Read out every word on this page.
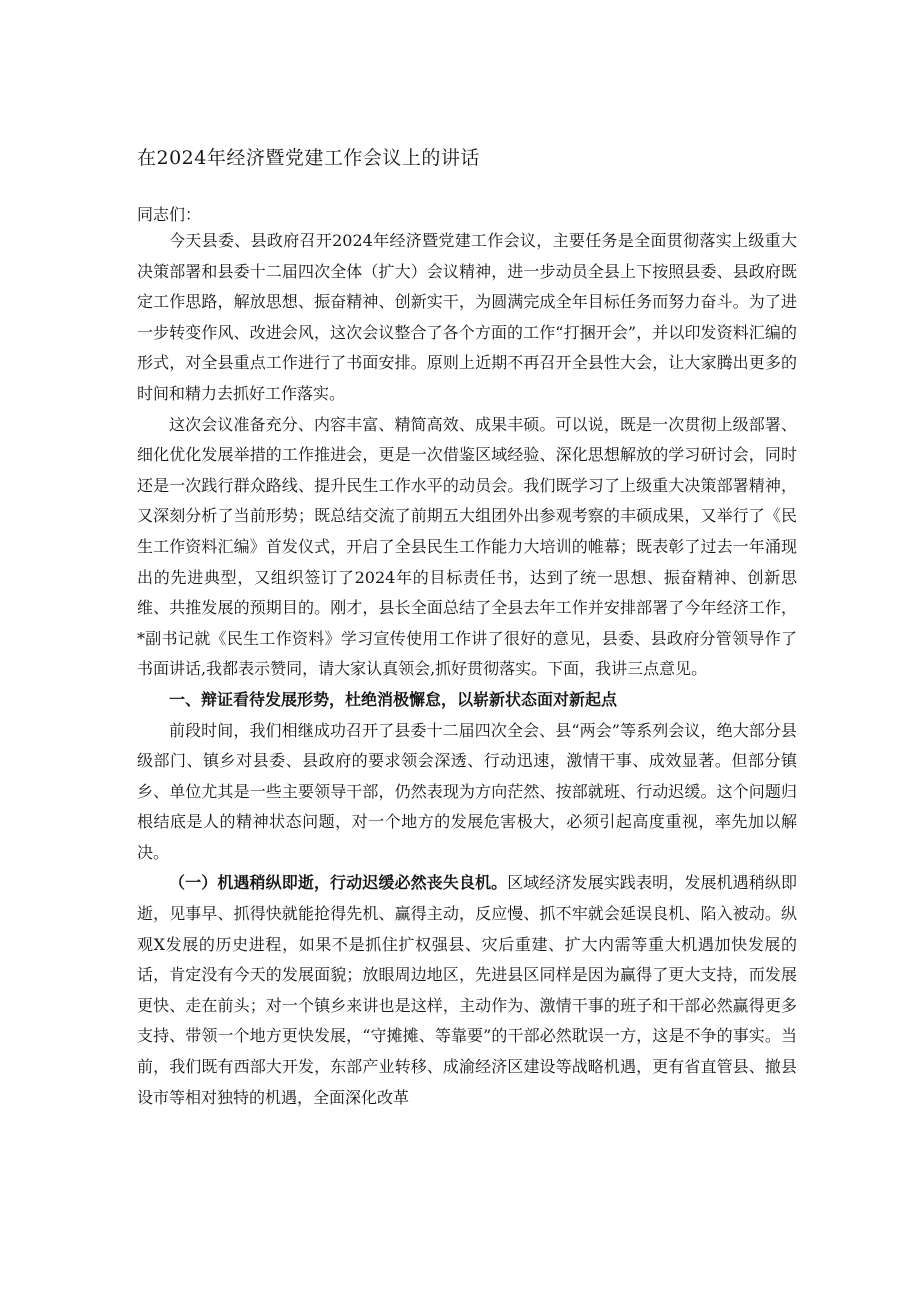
在2024年经济暨党建工作会议上的讲话
同志们：

今天县委、县政府召开2024年经济暨党建工作会议，主要任务是全面贯彻落实上级重大决策部署和县委十二届四次全体（扩大）会议精神，进一步动员全县上下按照县委、县政府既定工作思路，解放思想、振奋精神、创新实干，为圆满完成全年目标任务而努力奋斗。为了进一步转变作风、改进会风，这次会议整合了各个方面的工作“打捆开会”，并以印发资料汇编的形式，对全县重点工作进行了书面安排。原则上近期不再召开全县性大会，让大家腾出更多的时间和精力去抓好工作落实。

这次会议准备充分、内容丰富、精简高效、成果丰硕。可以说，既是一次贯彻上级部署、细化优化发展举措的工作推进会，更是一次借鉴区域经验、深化思想解放的学习研讨会，同时还是一次践行群众路线、提升民生工作水平的动员会。我们既学习了上级重大决策部署精神，又深刻分析了当前形势；既总结交流了前期五大组团外出参观考察的丰硕成果，又举行了《民生工作资料汇编》首发仪式，开启了全县民生工作能力大培训的帷幕；既表彰了过去一年涌现出的先进典型，又组织签订了2024年的目标责任书，达到了统一思想、振奋精神、创新思维、共推发展的预期目的。刚才，县长全面总结了全县去年工作并安排部署了今年经济工作，*副书记就《民生工作资料》学习宣传使用工作讲了很好的意见，县委、县政府分管领导作了书面讲话,我都表示赞同，请大家认真领会,抓好贯彻落实。下面，我讲三点意见。

一、辩证看待发展形势，杜绝消极懈怠，以崭新状态面对新起点

前段时间，我们相继成功召开了县委十二届四次全会、县“两会”等系列会议，绝大部分县级部门、镇乡对县委、县政府的要求领会深透、行动迅速，激情干事、成效显著。但部分镇乡、单位尤其是一些主要领导干部，仍然表现为方向茫然、按部就班、行动迟缓。这个问题归根结底是人的精神状态问题，对一个地方的发展危害极大，必须引起高度重视，率先加以解决。

（一）机遇稍纵即逝，行动迟缓必然丧失良机。区域经济发展实践表明，发展机遇稍纵即逝，见事早、抓得快就能抢得先机、赢得主动，反应慢、抓不牢就会延误良机、陷入被动。纵观X发展的历史进程，如果不是抓住扩权强县、灾后重建、扩大内需等重大机遇加快发展的话，肯定没有今天的发展面貌；放眼周边地区，先进县区同样是因为赢得了更大支持，而发展更快、走在前头；对一个镇乡来讲也是这样，主动作为、激情干事的班子和干部必然赢得更多支持、带领一个地方更快发展，“守摊摊、等靠要”的干部必然耽误一方，这是不争的事实。当前，我们既有西部大开发，东部产业转移、成渝经济区建设等战略机遇，更有省直管县、撤县设市等相对独特的机遇，全面深化改革
